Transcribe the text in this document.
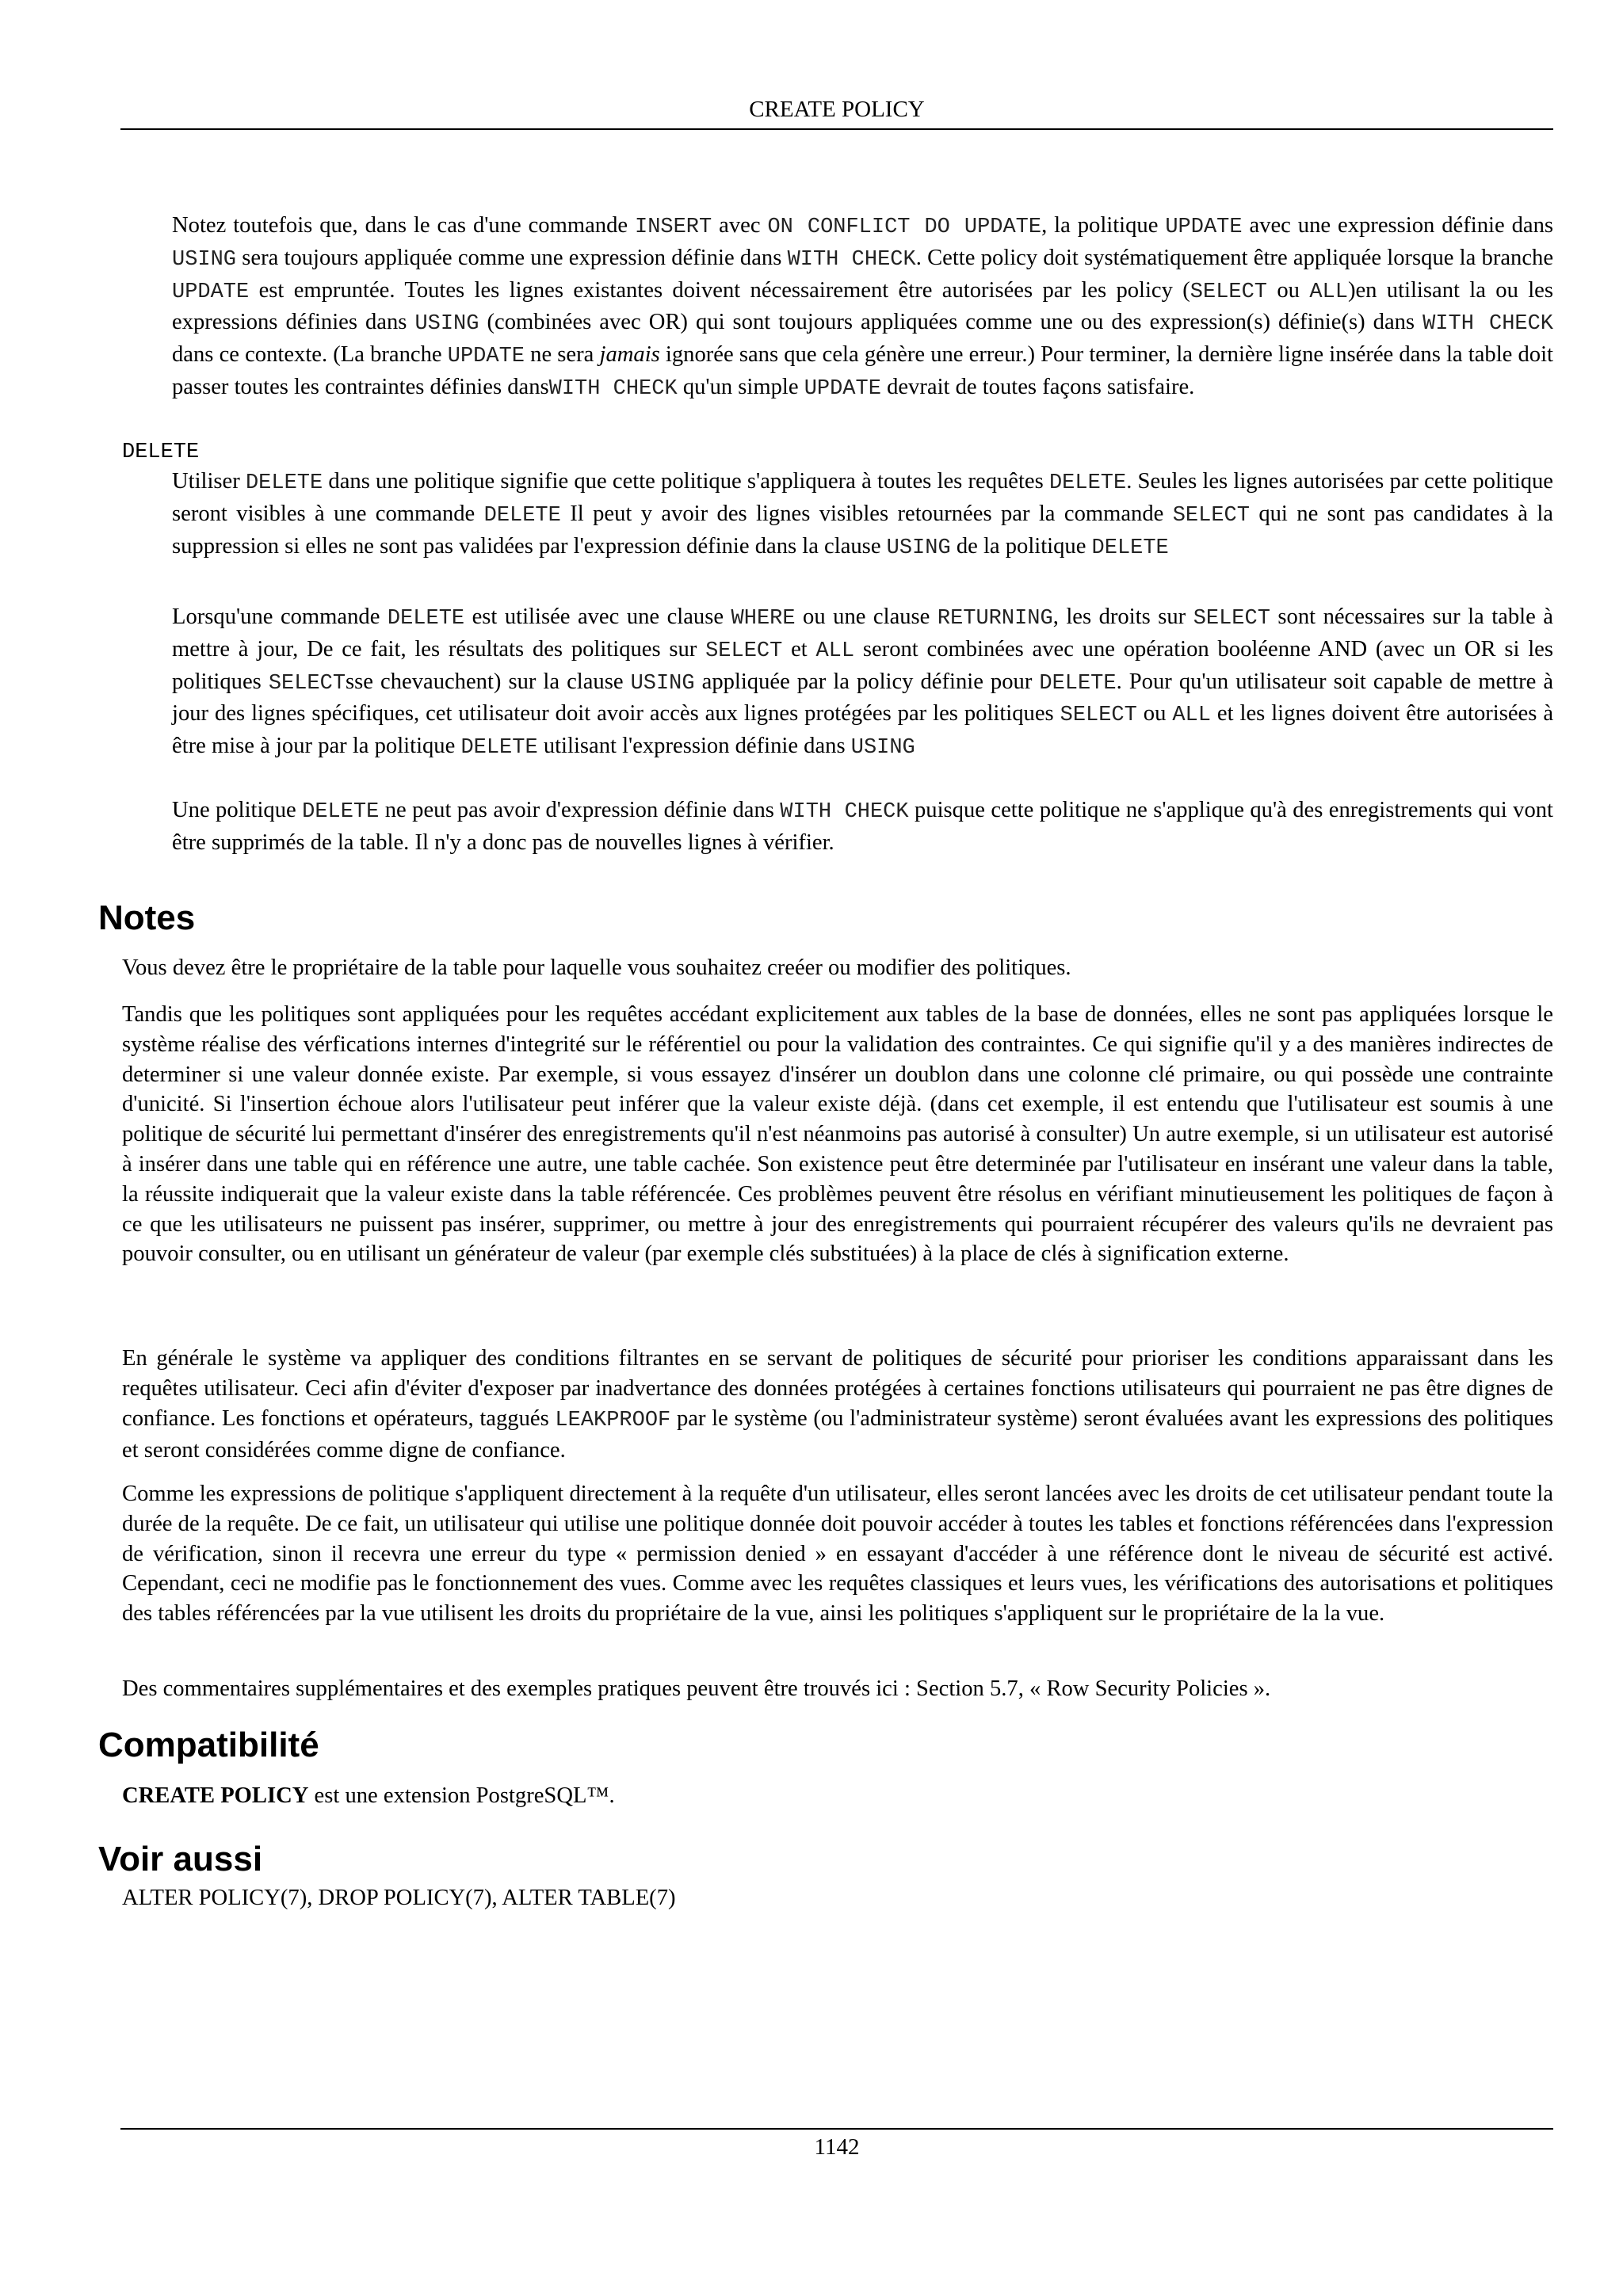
CREATE POLICY

Notez toutefois que, dans le cas d'une commande INSERT avec ON CONFLICT DO UPDATE, la politique UPDATE avec une expression définie dans USING sera toujours appliquée comme une expression définie dans WITH CHECK. Cette policy doit systématiquement être appliquée lorsque la branche UPDATE est empruntée. Toutes les lignes existantes doivent nécessairement être autorisées par les policy (SELECT ou ALL)en utilisant la ou les expressions définies dans USING (combinées avec OR) qui sont toujours appliquées comme une ou des expression(s) définie(s) dans WITH CHECK dans ce contexte. (La branche UPDATE ne sera jamais ignorée sans que cela génère une erreur.) Pour terminer, la dernière ligne insérée dans la table doit passer toutes les contraintes définies dansWITH CHECK qu'un simple UPDATE devrait de toutes façons satisfaire.

DELETE

Utiliser DELETE dans une politique signifie que cette politique s'appliquera à toutes les requêtes DELETE. Seules les lignes autorisées par cette politique seront visibles à une commande DELETE Il peut y avoir des lignes visibles retournées par la commande SELECT qui ne sont pas candidates à la suppression si elles ne sont pas validées par l'expression définie dans la clause USING de la politique DELETE

Lorsqu'une commande DELETE est utilisée avec une clause WHERE ou une clause RETURNING, les droits sur SELECT sont nécessaires sur la table à mettre à jour, De ce fait, les résultats des politiques sur SELECT et ALL seront combinées avec une opération booléenne AND (avec un OR si les politiques SELECTsse chevauchent) sur la clause USING appliquée par la policy définie pour DELETE. Pour qu'un utilisateur soit capable de mettre à jour des lignes spécifiques, cet utilisateur doit avoir accès aux lignes protégées par les politiques SELECT ou ALL et les lignes doivent être autorisées à être mise à jour par la politique DELETE utilisant l'expression définie dans USING

Une politique DELETE ne peut pas avoir d'expression définie dans WITH CHECK puisque cette politique ne s'applique qu'à des enregistrements qui vont être supprimés de la table. Il n'y a donc pas de nouvelles lignes à vérifier.

Notes

Vous devez être le propriétaire de la table pour laquelle vous souhaitez creéer ou modifier des politiques.

Tandis que les politiques sont appliquées pour les requêtes accédant explicitement aux tables de la base de données, elles ne sont pas appliquées lorsque le système réalise des vérfications internes d'integrité sur le référentiel ou pour la validation des contraintes. Ce qui signifie qu'il y a des manières indirectes de determiner si une valeur donnée existe. Par exemple, si vous essayez d'insérer un doublon dans une colonne clé primaire, ou qui possède une contrainte d'unicité. Si l'insertion échoue alors l'utilisateur peut inférer que la valeur existe déjà. (dans cet exemple, il est entendu que l'utilisateur est soumis à une politique de sécurité lui permettant d'insérer des enregistrements qu'il n'est néanmoins pas autorisé à consulter) Un autre exemple, si un utilisateur est autorisé à insérer dans une table qui en référence une autre, une table cachée. Son existence peut être determinée par l'utilisateur en insérant une valeur dans la table, la réussite indiquerait que la valeur existe dans la table référencée. Ces problèmes peuvent être résolus en vérifiant minutieusement les politiques de façon à ce que les utilisateurs ne puissent pas insérer, supprimer, ou mettre à jour des enregistrements qui pourraient récupérer des valeurs qu'ils ne devraient pas pouvoir consulter, ou en utilisant un générateur de valeur (par exemple clés substituées) à la place de clés à signification externe.

En générale le système va appliquer des conditions filtrantes en se servant de politiques de sécurité pour prioriser les conditions apparaissant dans les requêtes utilisateur. Ceci afin d'éviter d'exposer par inadvertance des données protégées à certaines fonctions utilisateurs qui pourraient ne pas être dignes de confiance. Les fonctions et opérateurs, taggués LEAKPROOF par le système (ou l'administrateur système) seront évaluées avant les expressions des politiques et seront considérées comme digne de confiance.

Comme les expressions de politique s'appliquent directement à la requête d'un utilisateur, elles seront lancées avec les droits de cet utilisateur pendant toute la durée de la requête. De ce fait, un utilisateur qui utilise une politique donnée doit pouvoir accéder à toutes les tables et fonctions référencées dans l'expression de vérification, sinon il recevra une erreur du type « permission denied » en essayant d'accéder à une référence dont le niveau de sécurité est activé. Cependant, ceci ne modifie pas le fonctionnement des vues. Comme avec les requêtes classiques et leurs vues, les vérifications des autorisations et politiques des tables référencées par la vue utilisent les droits du propriétaire de la vue, ainsi les politiques s'appliquent sur le propriétaire de la la vue.

Des commentaires supplémentaires et des exemples pratiques peuvent être trouvés ici : Section 5.7, « Row Security Policies ».

Compatibilité

CREATE POLICY est une extension PostgreSQL™.

Voir aussi

ALTER POLICY(7), DROP POLICY(7), ALTER TABLE(7)

1142
